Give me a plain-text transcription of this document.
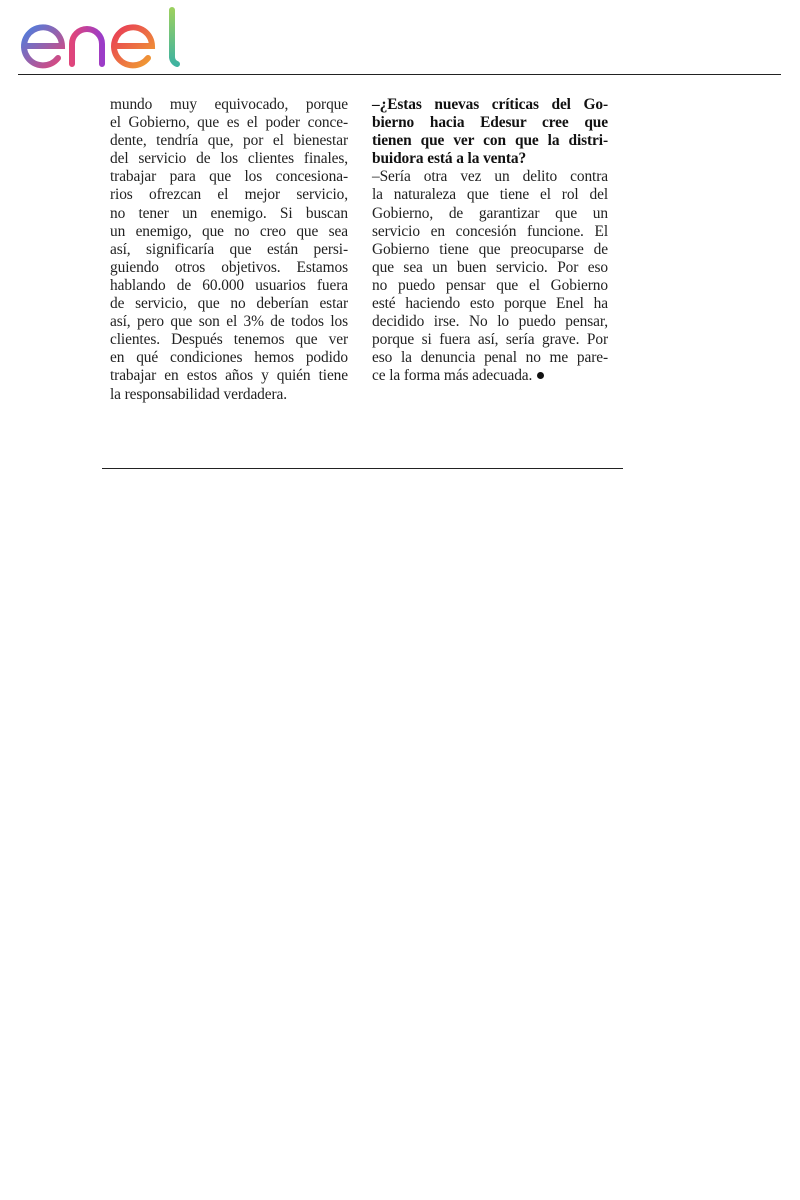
mundo muy equivocado, porque
el Gobierno, que es el poder conce-
dente, tendría que, por el bienestar
del servicio de los clientes finales,
trabajar para que los concesiona-
rios ofrezcan el mejor servicio,
no tener un enemigo. Si buscan
un enemigo, que no creo que sea
así, significaría que están persi-
guiendo otros objetivos. Estamos
hablando de 60.000 usuarios fuera
de servicio, que no deberían estar
así, pero que son el 3% de todos los
clientes. Después tenemos que ver
en qué condiciones hemos podido
trabajar en estos años y quién tiene
la responsabilidad verdadera.
–¿Estas nuevas críticas del Go-
bierno hacia Edesur cree que
tienen que ver con que la distri-
buidora está a la venta?
–Sería otra vez un delito contra
la naturaleza que tiene el rol del
Gobierno, de garantizar que un
servicio en concesión funcione. El
Gobierno tiene que preocuparse de
que sea un buen servicio. Por eso
no puedo pensar que el Gobierno
esté haciendo esto porque Enel ha
decidido irse. No lo puedo pensar,
porque si fuera así, sería grave. Por
eso la denuncia penal no me pare-
ce la forma más adecuada.
